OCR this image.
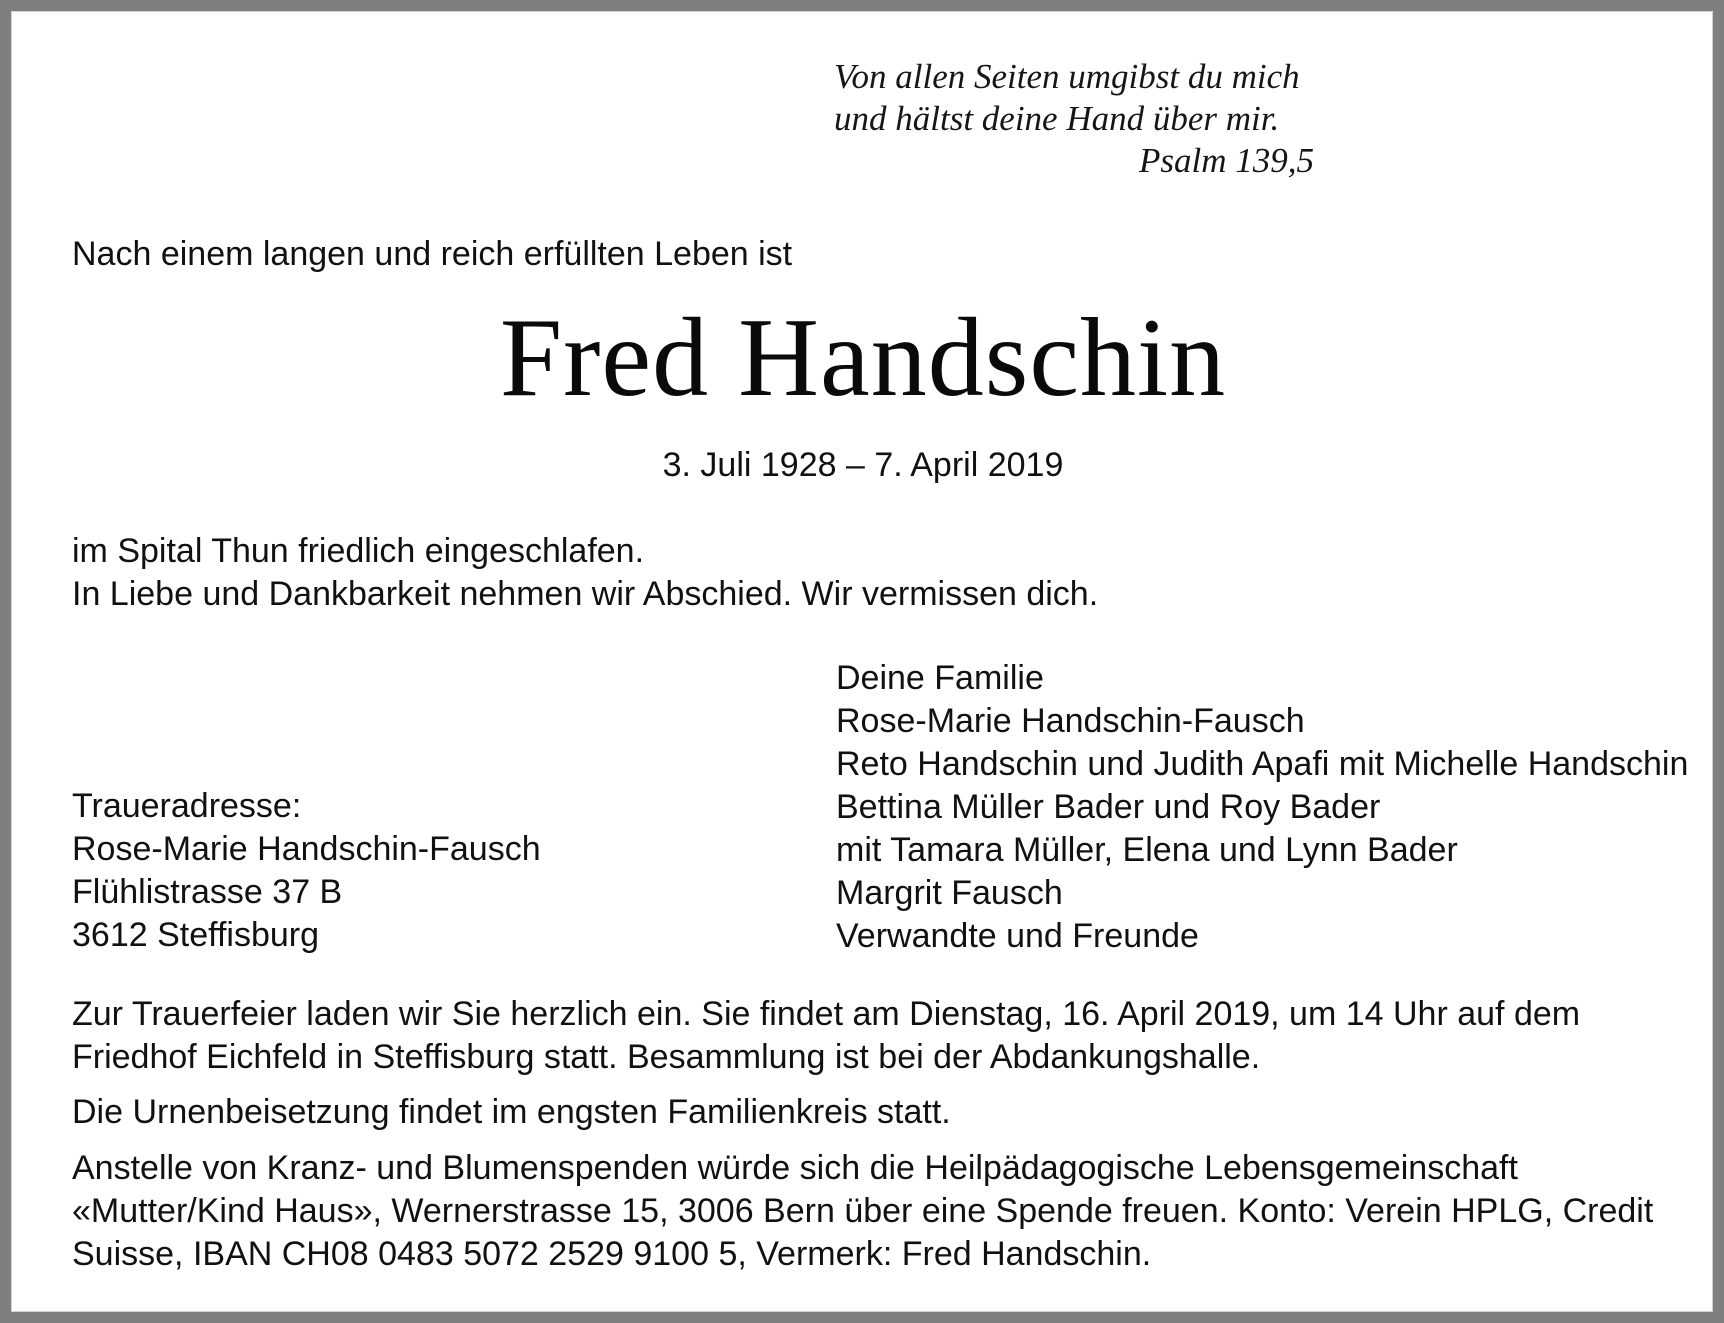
Von allen Seiten umgibst du mich
und hältst deine Hand über mir.
Psalm 139,5
Nach einem langen und reich erfüllten Leben ist
Fred Handschin
3. Juli 1928 – 7. April 2019
im Spital Thun friedlich eingeschlafen.
In Liebe und Dankbarkeit nehmen wir Abschied. Wir vermissen dich.
Deine Familie
Rose-Marie Handschin-Fausch
Reto Handschin und Judith Apafi mit Michelle Handschin
Bettina Müller Bader und Roy Bader
mit Tamara Müller, Elena und Lynn Bader
Margrit Fausch
Verwandte und Freunde
Traueradresse:
Rose-Marie Handschin-Fausch
Flühlistrasse 37 B
3612 Steffisburg
Zur Trauerfeier laden wir Sie herzlich ein. Sie findet am Dienstag, 16. April 2019, um 14 Uhr auf dem Friedhof Eichfeld in Steffisburg statt. Besammlung ist bei der Abdankungshalle.
Die Urnenbeisetzung findet im engsten Familienkreis statt.
Anstelle von Kranz- und Blumenspenden würde sich die Heilpädagogische Lebensgemeinschaft «Mutter/Kind Haus», Wernerstrasse 15, 3006 Bern über eine Spende freuen. Konto: Verein HPLG, Credit Suisse, IBAN CH08 0483 5072 2529 9100 5, Vermerk: Fred Handschin.
